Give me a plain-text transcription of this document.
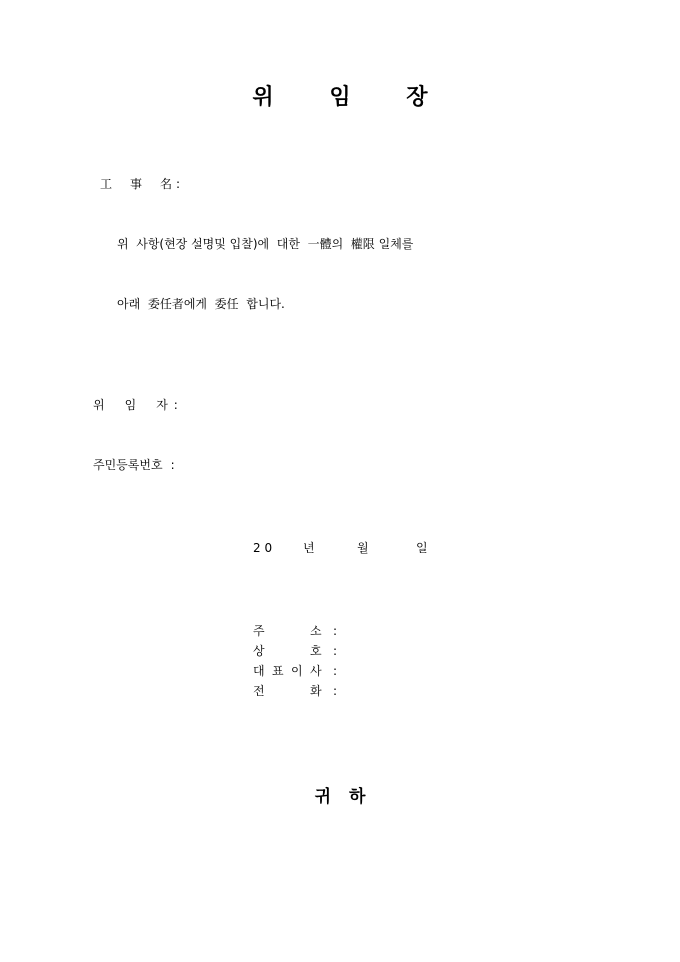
위	임	장
工 事 名 :
위  사항(현장 설명및 입찰)에  대한  一體의  權限 일체를
아래  委任者에게  委任  합니다.
위 임 자 :
주민등록번호 :
2 0	년	월	일
주	소 :
상	호 :
대 표 이 사 :
전	화 :
귀 하
